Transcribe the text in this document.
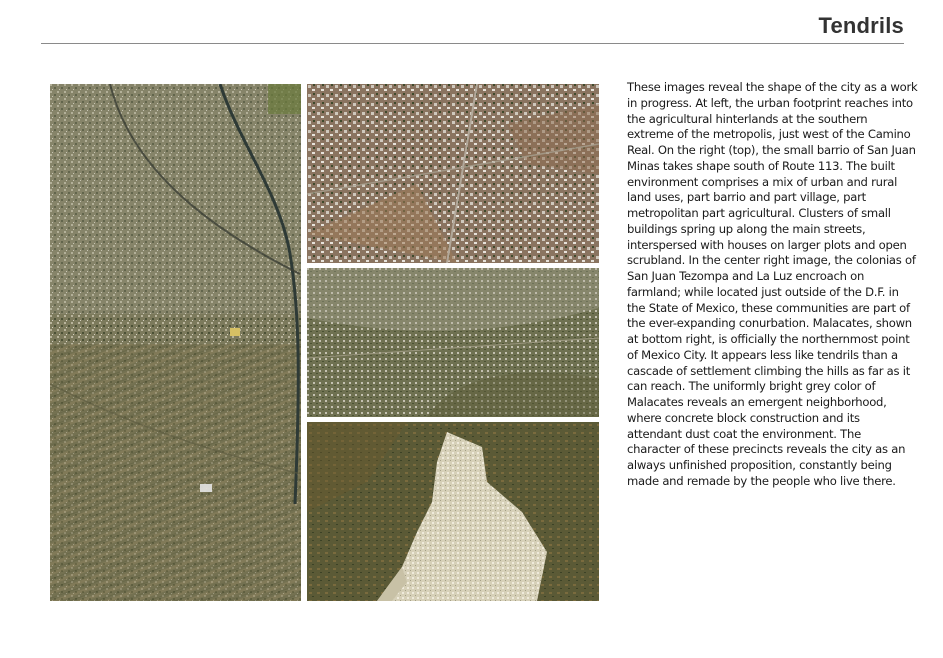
Tendrils
These images reveal the shape of the city as a work
in progress. At left, the urban footprint reaches into
the agricultural hinterlands at the southern
extreme of the metropolis, just west of the Camino
Real. On the right (top), the small barrio of San Juan
Minas takes shape south of Route 113. The built
environment comprises a mix of urban and rural
land uses, part barrio and part village, part
metropolitan part agricultural. Clusters of small
buildings spring up along the main streets,
interspersed with houses on larger plots and open
scrubland. In the center right image, the colonias of
San Juan Tezompa and La Luz encroach on
farmland; while located just outside of the D.F. in
the State of Mexico, these communities are part of
the ever-expanding conurbation. Malacates, shown
at bottom right, is officially the northernmost point
of Mexico City. It appears less like tendrils than a
cascade of settlement climbing the hills as far as it
can reach. The uniformly bright grey color of
Malacates reveals an emergent neighborhood,
where concrete block construction and its
attendant dust coat the environment. The
character of these precincts reveals the city as an
always unfinished proposition, constantly being
made and remade by the people who live there.
